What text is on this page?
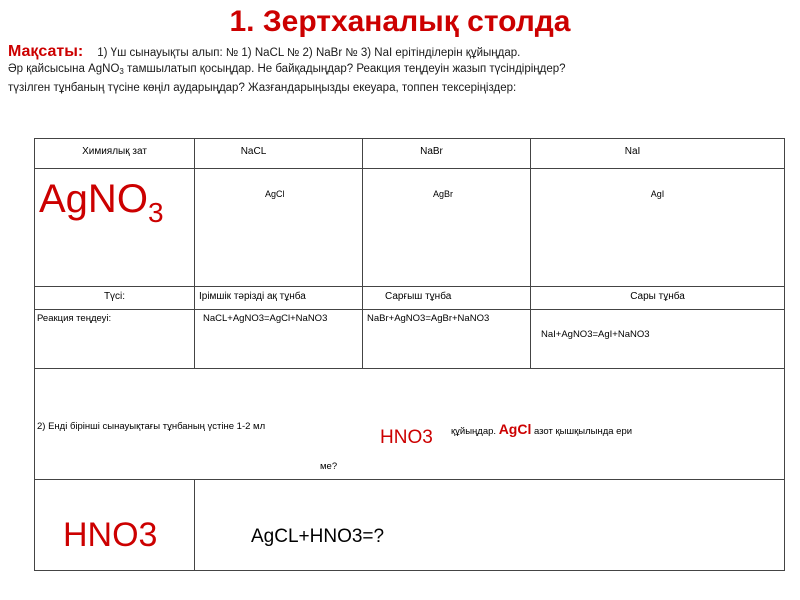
1. Зертханалық столда
Мақсаты: 1) Үш сынауықты алып: № 1) NaCL № 2) NaBr № 3) NaI ерітінділерін құйыңдар.
Әр қайсысына AgNO$_3$ тамшылатып қосыңдар. Не байқадыңдар? Реакция теңдеуін жазып түсіндіріңдер?
түзілген тұнбаның түсіне көңіл аударыңдар? Жазғандарыңызды екеуара, топпен тексеріңіздер:
Химиялық зат	NaCL	NaBr	NaI

AgNO$_3$	AgCl	AgBr	AgI

Түсі:	Ірімшік тәрізді ақ тұнба	Сарғыш тұнба	Сары тұнба

Реакция теңдеуі:	NaCL+AgNO3=AgCl+NaNO3	NaBr+AgNO3=AgBr+NaNO3	NaI+AgNO3=AgI+NaNO3

2) Енді бірінші сынауықтағы тұнбаның үстіне 1-2 мл
HNO3 құйыңдар. AgCl азот қышқылында ери
ме?			

HNO3	AgCL+HNO3=?		
